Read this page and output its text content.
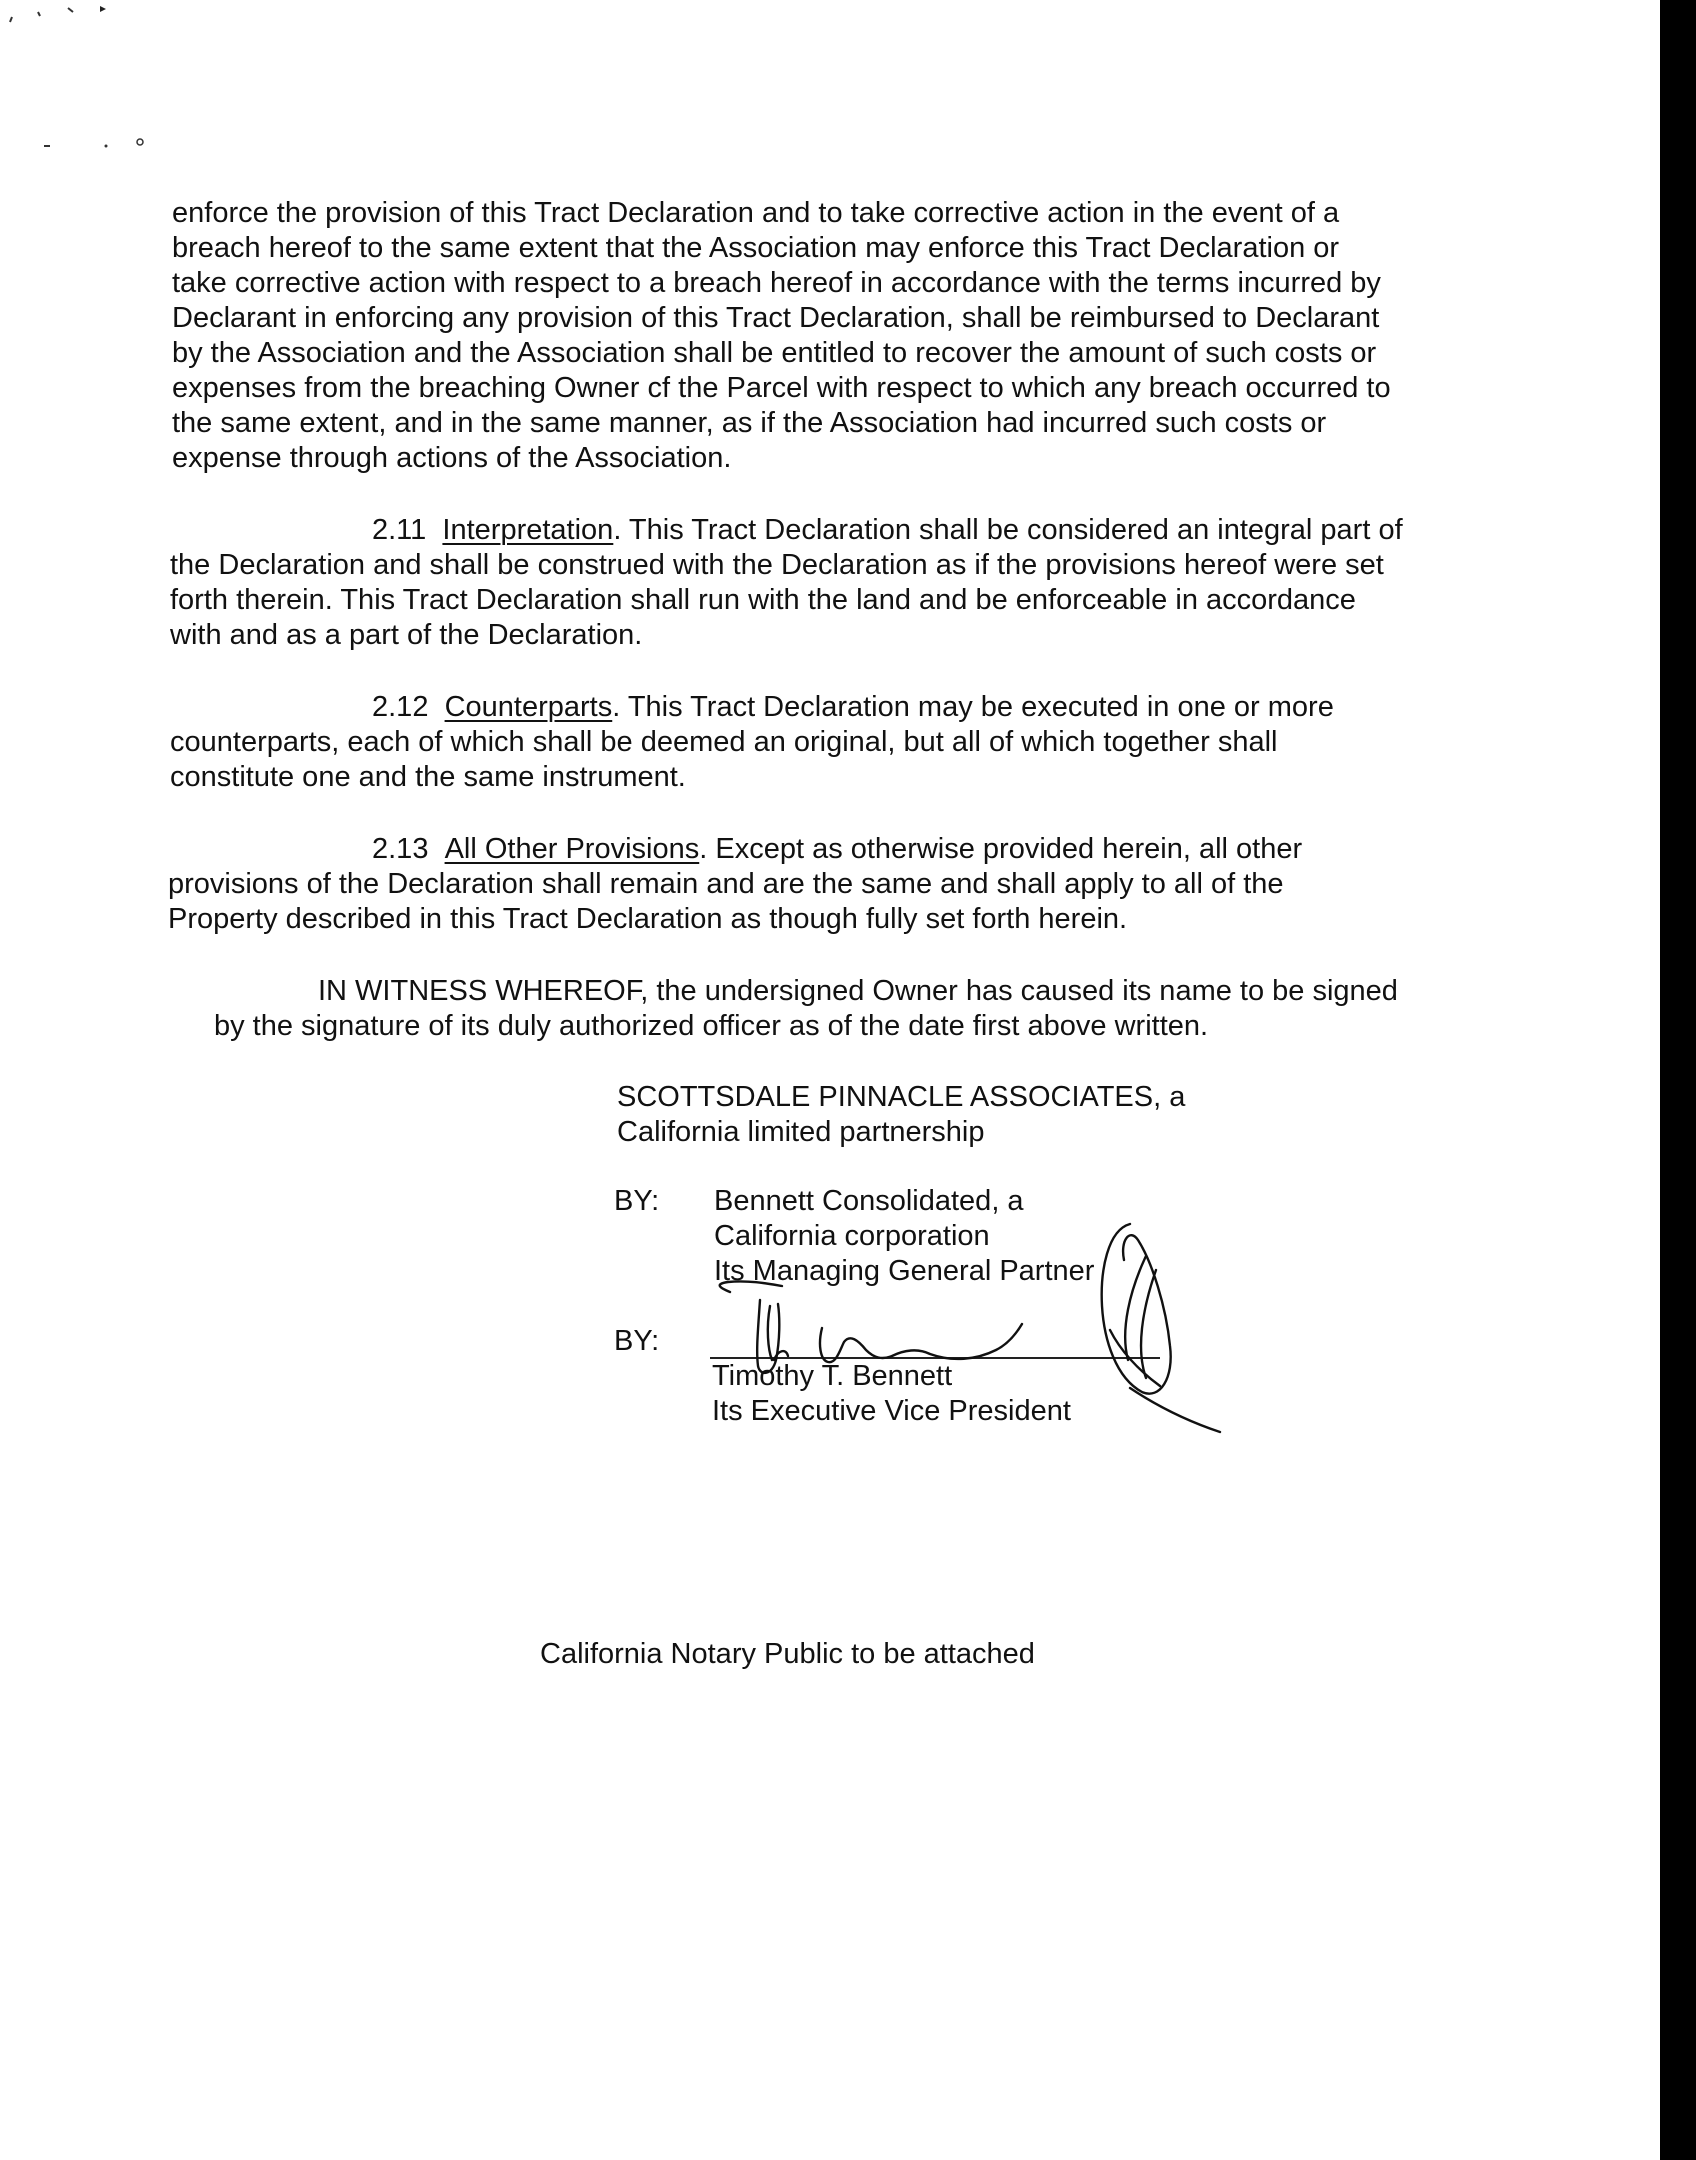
enforce the provision of this Tract Declaration and to take corrective action in the event of a
breach hereof to the same extent that the Association may enforce this Tract Declaration or
take corrective action with respect to a breach hereof in accordance with the terms incurred by
Declarant in enforcing any provision of this Tract Declaration, shall be reimbursed to Declarant
by the Association and the Association shall be entitled to recover the amount of such costs or
expenses from the breaching Owner cf the Parcel with respect to which any breach occurred to
the same extent, and in the same manner, as if the Association had incurred such costs or
expense through actions of the Association.
2.11 Interpretation. This Tract Declaration shall be considered an integral part of
the Declaration and shall be construed with the Declaration as if the provisions hereof were set
forth therein. This Tract Declaration shall run with the land and be enforceable in accordance
with and as a part of the Declaration.
2.12 Counterparts. This Tract Declaration may be executed in one or more
counterparts, each of which shall be deemed an original, but all of which together shall
constitute one and the same instrument.
2.13 All Other Provisions. Except as otherwise provided herein, all other
provisions of the Declaration shall remain and are the same and shall apply to all of the
Property described in this Tract Declaration as though fully set forth herein.
IN WITNESS WHEREOF, the undersigned Owner has caused its name to be signed
by the signature of its duly authorized officer as of the date first above written.
SCOTTSDALE PINNACLE ASSOCIATES, a
California limited partnership
BY: Bennett Consolidated, a
California corporation
Its Managing General Partner
BY:
Timothy T. Bennett
Its Executive Vice President
California Notary Public to be attached
